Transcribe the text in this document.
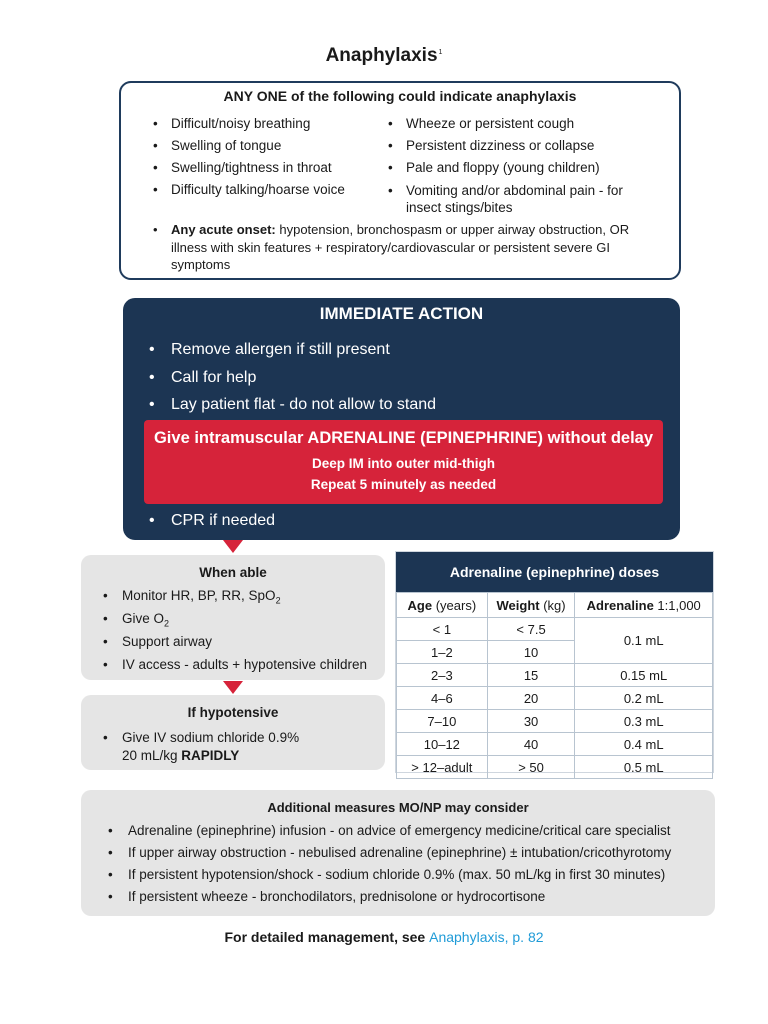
Anaphylaxis$^1$
ANY ONE of the following could indicate anaphylaxis
• Difficult/noisy breathing
• Swelling of tongue
• Swelling/tightness in throat
• Difficulty talking/hoarse voice
• Wheeze or persistent cough
• Persistent dizziness or collapse
• Pale and floppy (young children)
• Vomiting and/or abdominal pain - for insect stings/bites
• Any acute onset: hypotension, bronchospasm or upper airway obstruction, OR illness with skin features + respiratory/cardiovascular or persistent severe GI symptoms
IMMEDIATE ACTION
• Remove allergen if still present
• Call for help
• Lay patient flat - do not allow to stand
Give intramuscular ADRENALINE (EPINEPHRINE) without delay
Deep IM into outer mid-thigh
Repeat 5 minutely as needed
• CPR if needed
When able
• Monitor HR, BP, RR, SpO$_2$
• Give $O_2$
• Support airway
• IV access - adults + hypotensive children
If hypotensive
• Give IV sodium chloride 0.9%
20 mL/kg RAPIDLY
Adrenaline (epinephrine) doses
Age (years)	Weight (kg)	Adrenaline 1:1,000
< 1	< 7.5	0.1 mL
1–2	10	
2–3	15	0.15 mL
4–6	20	0.2 mL
7–10	30	0.3 mL
10–12	40	0.4 mL
> 12–adult	> 50	0.5 mL
Additional measures MO/NP may consider
• Adrenaline (epinephrine) infusion - on advice of emergency medicine/critical care specialist
• If upper airway obstruction - nebulised adrenaline (epinephrine) ± intubation/cricothyrotomy
• If persistent hypotension/shock - sodium chloride 0.9% (max. 50 mL/kg in first 30 minutes)
• If persistent wheeze - bronchodilators, prednisolone or hydrocortisone
For detailed management, see Anaphylaxis, p. 82
